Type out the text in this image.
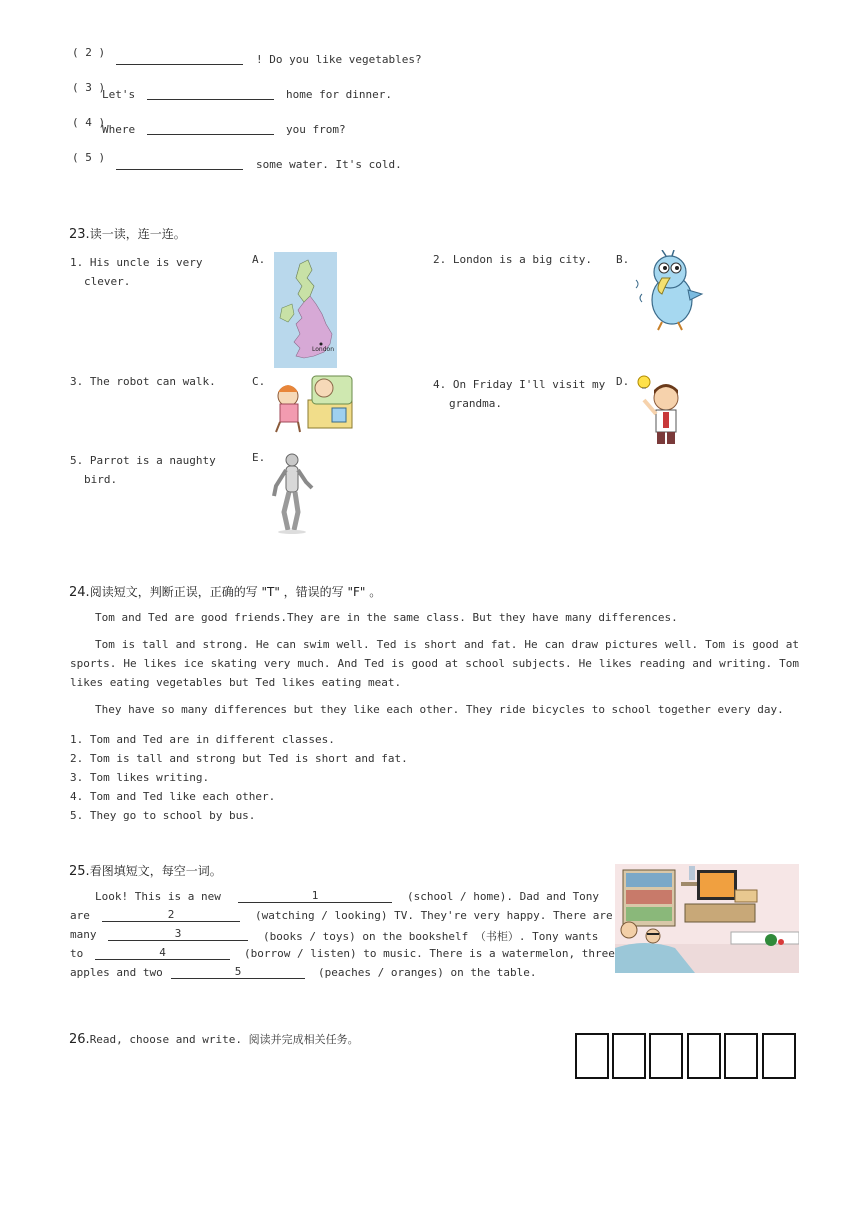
( 2 )
! Do you like vegetables?
( 3 )
Let's	home for dinner.
( 4 )
Where	you from?
( 5 )
some water. It's cold.
23.读一读，连一连。
1. His uncle is very
clever.
A.
London
2. London is a big city. B.
3. The robot can walk.	C.	4. On Friday I'll visit my
grandma.
D.
5. Parrot is a naughty
bird.
E.
24.阅读短文，判断正误，正确的写 "T" ，错误的写 "F" 。
Tom and Ted are good friends.They are in the same class. But they have many differences.
Tom is tall and strong. He can swim well. Ted is short and fat. He can draw pictures well. Tom is good at sports. He likes ice skating very much. And Ted is good at school subjects. He likes reading and writing. Tom likes eating vegetables but Ted likes eating meat.
They have so many differences but they like each other. They ride bicycles to school together every day.
1. Tom and Ted are in different classes.
2. Tom is tall and strong but Ted is short and fat.
3. Tom likes writing.
4. Tom and Ted like each other.
5. They go to school by bus.
25.看图填短文，每空一词。
Look! This is a new	1	(school / home). Dad and Tony
are	2	(watching / looking) TV. They're very happy. There are
many	3	(books / toys) on the bookshelf （书柜）. Tony wants
to	4	(borrow / listen) to music. There is a watermelon, three
apples and two	5	(peaches / oranges) on the table.
26.Read, choose and write. 阅读并完成相关任务。
